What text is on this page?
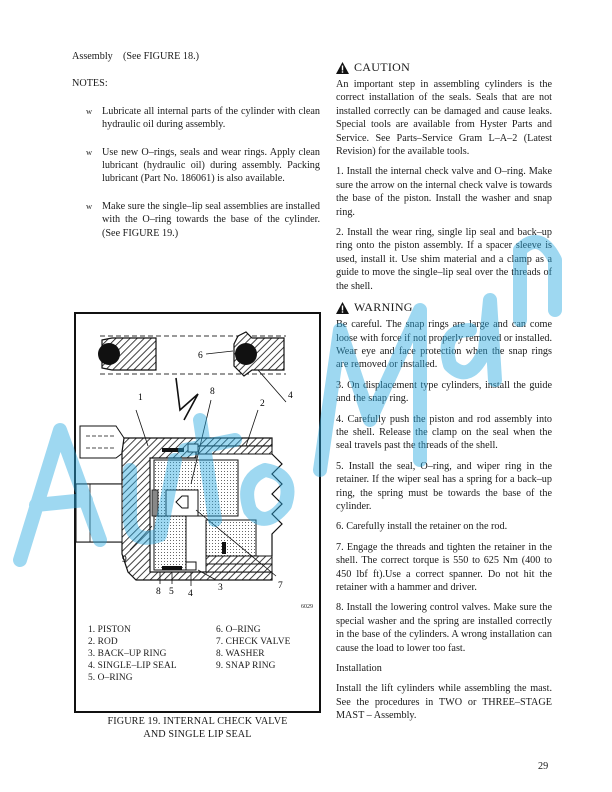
Assembly    (See FIGURE 18.)
NOTES:
w Lubricate all internal parts of the cylinder with clean hydraulic oil during assembly.
w Use new O–rings, seals and wear rings. Apply clean lubricant (hydraulic oil) during assembly. Packing lubricant (Part No. 186061) is also available.
w Make sure the single–lip seal assemblies are installed with the O–ring towards the base of the cylinder. (See FIGURE 19.)
1
2
3
4
4
5
6
7
8
8
9
6029
1. PISTON
2. ROD
3. BACK–UP RING
4. SINGLE–LIP SEAL
5. O–RING
6. O–RING
7. CHECK VALVE
8. WASHER
9. SNAP RING
FIGURE 19. INTERNAL CHECK VALVE
AND SINGLE LIP SEAL
CAUTION
An important step in assembling cylinders is the correct installation of the seals. Seals that are not installed correctly can be damaged and cause leaks. Special tools are available from Hyster Parts and Service. See Parts–Service Gram L–A–2 (Latest Revision) for the available tools.
1. Install the internal check valve and O–ring. Make sure the arrow on the internal check valve is towards the base of the piston. Install the washer and snap ring.
2. Install the wear ring, single lip seal and back–up ring onto the piston assembly. If a spacer sleeve is used, install it. Use shim material and a clamp as a guide to move the single–lip seal over the threads of the shell.
WARNING
Be careful. The snap rings are large and can come loose with force if not properly removed or installed. Wear eye and face protection when the snap rings are removed or installed.
3. On displacement type cylinders, install the guide and the snap ring.
4. Carefully push the piston and rod assembly into the shell. Release the clamp on the seal when the seal travels past the threads of the shell.
5. Install the seal, O–ring, and wiper ring in the retainer. If the wiper seal has a spring for a back–up ring, the spring must be towards the base of the cylinder.
6. Carefully install the retainer on the rod.
7. Engage the threads and tighten the retainer in the shell. The correct torque is 550 to 625 Nm (400 to 450 lbf ft).Use a correct spanner. Do not hit the retainer with a hammer and driver.
8. Install the lowering control valves. Make sure the special washer and the spring are installed correctly in the base of the cylinders. A wrong installation can cause the load to lower too fast.
Installation
Install the lift cylinders while assembling the mast. See the procedures in TWO or THREE–STAGE MAST – Assembly.
29
